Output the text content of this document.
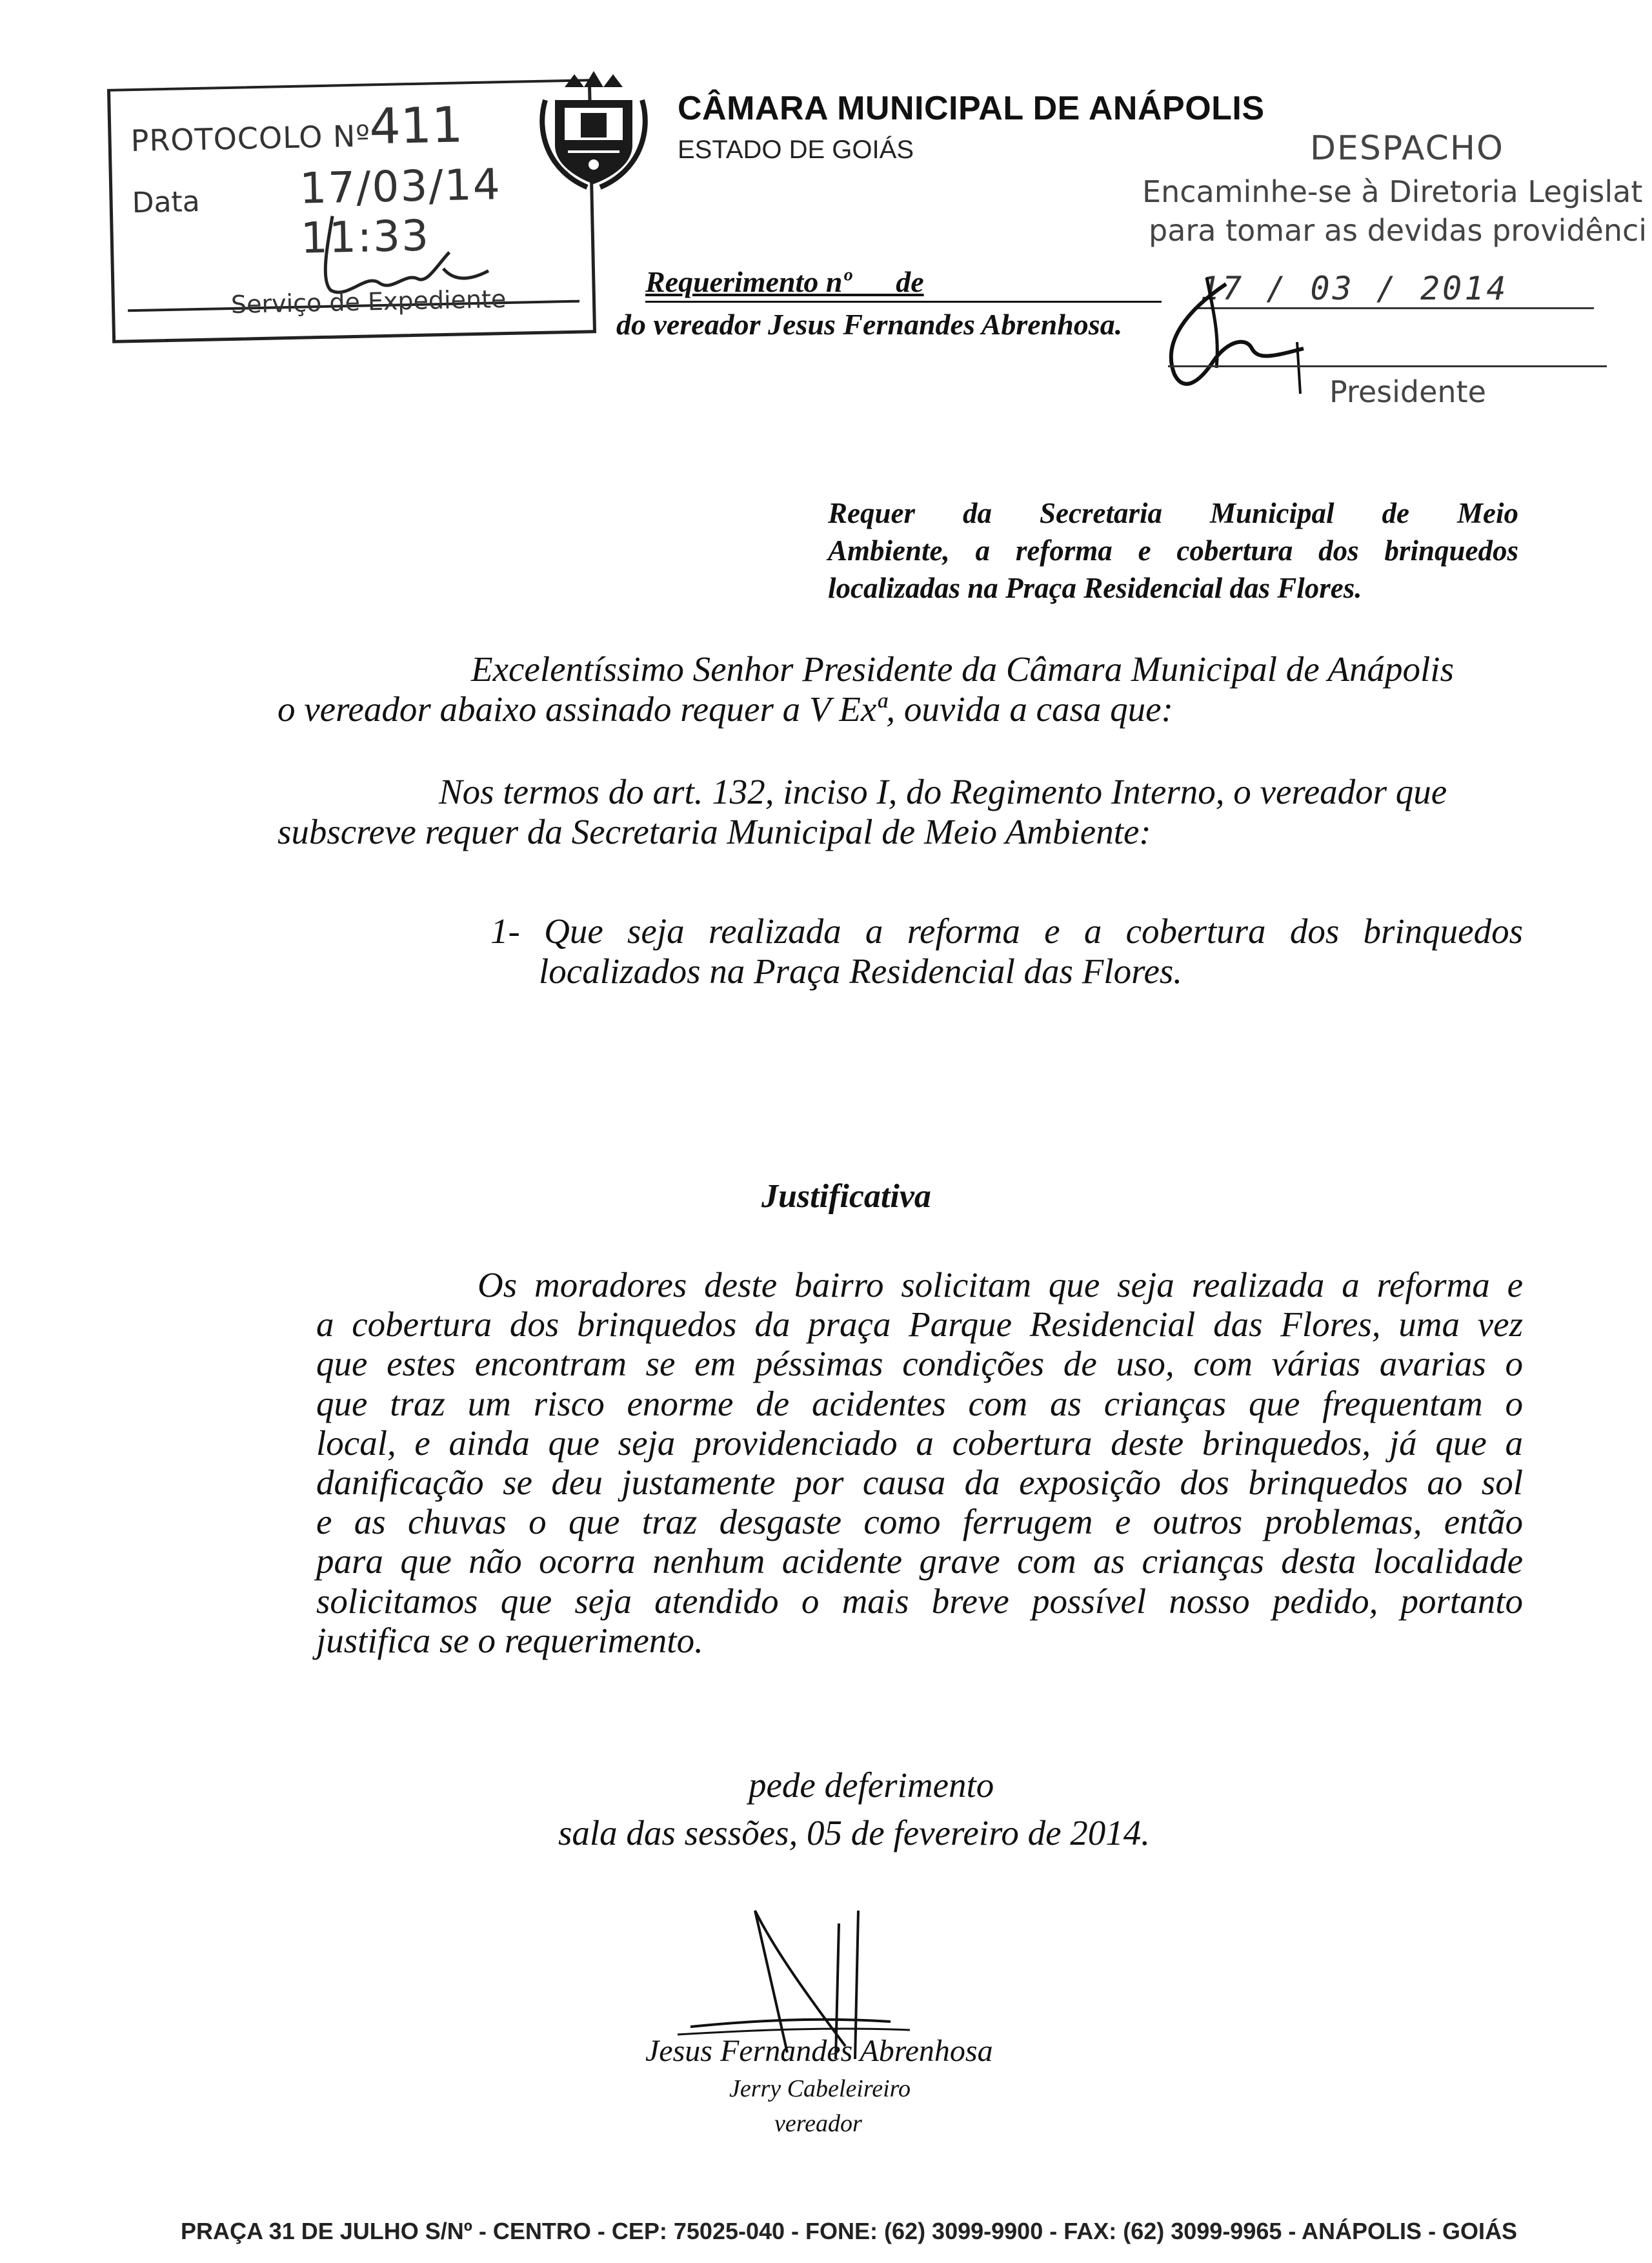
PROTOCOLO Nº
411
Data 17/03/14 11:33
Serviço de Expediente
CÂMARA MUNICIPAL DE ANÁPOLIS
ESTADO DE GOIÁS	DESPACHO
Encaminhe-se à Diretoria Legislat
para tomar as devidas providênci
17 / 03 / 2014
Presidente
Requerimento nº      de
do vereador Jesus Fernandes Abrenhosa.
Requer da Secretaria Municipal de Meio
Ambiente, a reforma e cobertura dos brinquedos
localizadas na Praça Residencial das Flores.
Excelentíssimo Senhor Presidente da Câmara Municipal de Anápolis
o vereador abaixo assinado requer a V Exª, ouvida a casa que:
Nos termos do art. 132, inciso I, do Regimento Interno, o vereador que
subscreve requer da Secretaria Municipal de Meio Ambiente:
1- Que seja realizada a reforma e a cobertura dos brinquedos
localizados na Praça Residencial das Flores.
Justificativa
Os moradores deste bairro solicitam que seja realizada a reforma e
a cobertura dos brinquedos da praça Parque Residencial das Flores, uma vez
que estes encontram se em péssimas condições de uso, com várias avarias o
que traz um risco enorme de acidentes com as crianças que frequentam o
local, e ainda que seja providenciado a cobertura deste brinquedos, já que a
danificação se deu justamente por causa da exposição dos brinquedos ao sol
e as chuvas o que traz desgaste como ferrugem e outros problemas, então
para que não ocorra nenhum acidente grave com as crianças desta localidade
solicitamos que seja atendido o mais breve possível nosso pedido, portanto
justifica se o requerimento.
pede deferimento
sala das sessões, 05 de fevereiro de 2014.
Jesus Fernandes Abrenhosa
Jerry Cabeleireiro
vereador
PRAÇA 31 DE JULHO S/Nº - CENTRO - CEP: 75025-040 - FONE: (62) 3099-9900 - FAX: (62) 3099-9965 - ANÁPOLIS - GOIÁS
